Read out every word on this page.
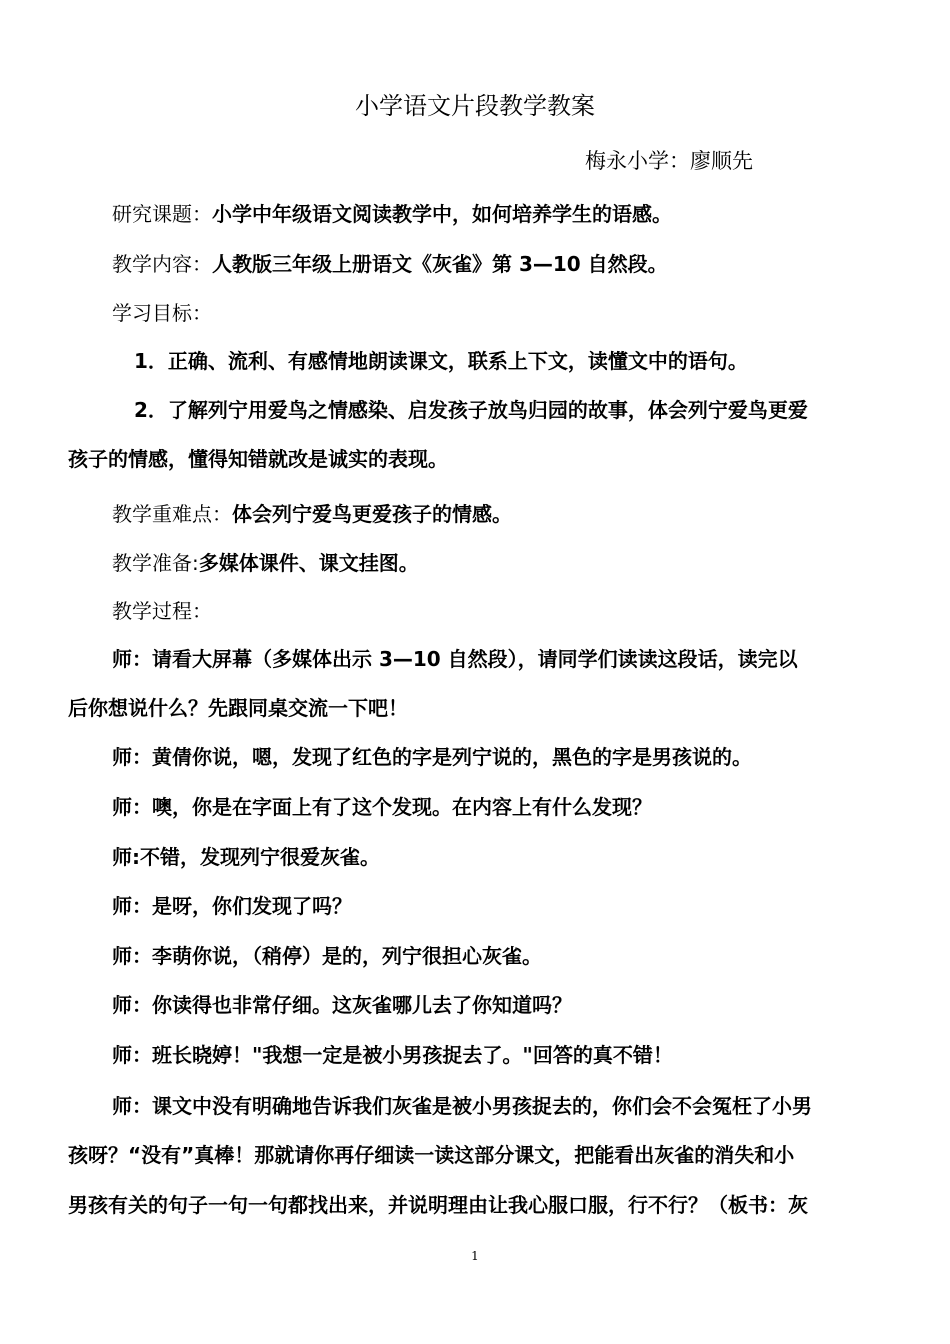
小学语文片段教学教案
梅永小学：廖顺先
研究课题：小学中年级语文阅读教学中，如何培养学生的语感。
教学内容：人教版三年级上册语文《灰雀》第 3—10 自然段。
学习目标：
1．正确、流利、有感情地朗读课文，联系上下文，读懂文中的语句。
2．了解列宁用爱鸟之情感染、启发孩子放鸟归园的故事，体会列宁爱鸟更爱
孩子的情感，懂得知错就改是诚实的表现。
教学重难点：体会列宁爱鸟更爱孩子的情感。
教学准备:多媒体课件、课文挂图。
教学过程：
师：请看大屏幕（多媒体出示 3—10 自然段），请同学们读读这段话，读完以
后你想说什么？先跟同桌交流一下吧！
师：黄倩你说，嗯，发现了红色的字是列宁说的，黑色的字是男孩说的。
师：噢，你是在字面上有了这个发现。在内容上有什么发现？
师:不错，发现列宁很爱灰雀。
师：是呀，你们发现了吗？
师：李萌你说，（稍停）是的，列宁很担心灰雀。
师：你读得也非常仔细。这灰雀哪儿去了你知道吗？
师：班长晓婷！"我想一定是被小男孩捉去了。"回答的真不错！
师：课文中没有明确地告诉我们灰雀是被小男孩捉去的，你们会不会冤枉了小男
孩呀？“没有”真棒！那就请你再仔细读一读这部分课文，把能看出灰雀的消失和小
男孩有关的句子一句一句都找出来，并说明理由让我心服口服，行不行？（板书：灰
1
